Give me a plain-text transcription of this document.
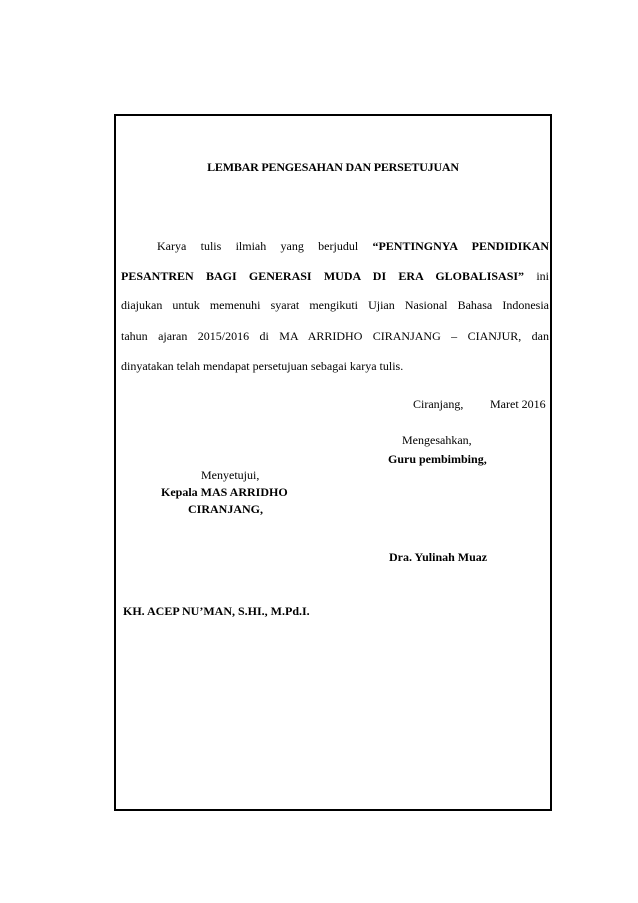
LEMBAR PENGESAHAN DAN PERSETUJUAN
Karya tulis ilmiah yang berjudul “PENTINGNYA PENDIDIKAN
PESANTREN BAGI GENERASI MUDA DI ERA GLOBALISASI” ini
diajukan untuk memenuhi syarat mengikuti Ujian Nasional Bahasa Indonesia
tahun ajaran 2015/2016 di MA ARRIDHO CIRANJANG – CIANJUR, dan
dinyatakan telah mendapat persetujuan sebagai karya tulis.
Ciranjang, Maret 2016
Mengesahkan,
Guru pembimbing,
Menyetujui,
Kepala MAS ARRIDHO
CIRANJANG,
Dra. Yulinah Muaz
KH. ACEP NU’MAN, S.HI., M.Pd.I.
